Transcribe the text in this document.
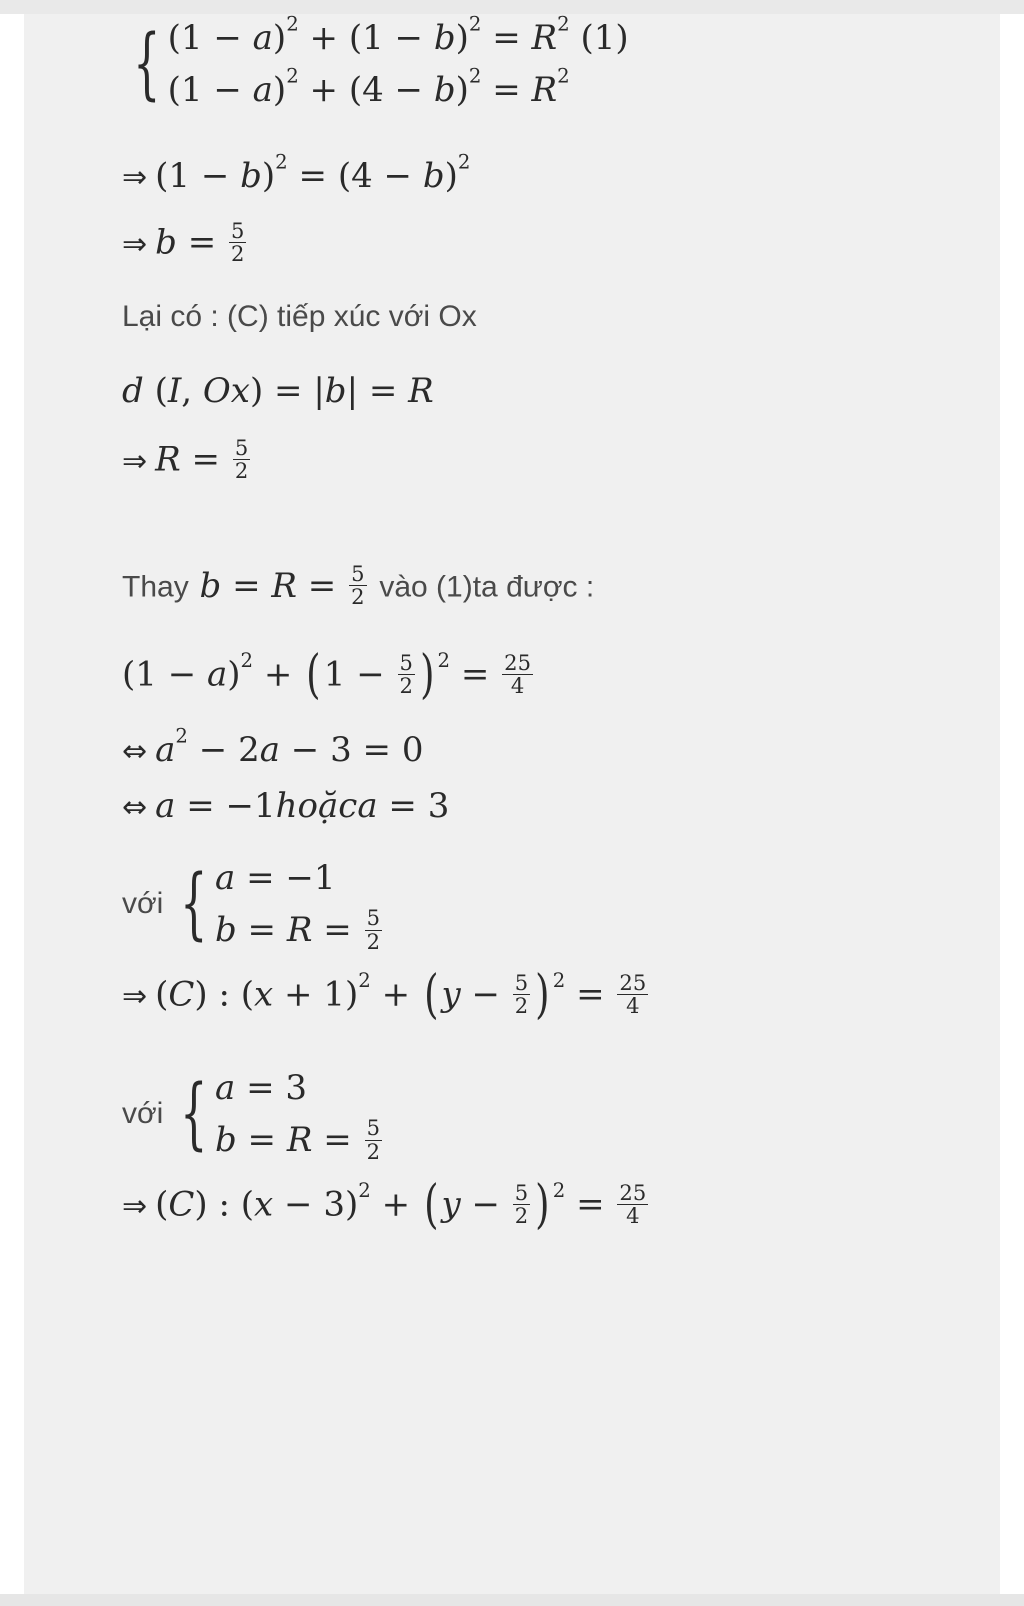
{ $(1 - a)^2 + (1 - b)^2 = R^2$ (1)
$(1 - a)^2 + (4 - b)^2 = R^2$
⇒ $(1 - b)^2 = (4 - b)^2$
⇒ $b = \frac{5}{2}$
Lại có : (C) tiếp xúc với Ox
d (I, Ox) = |b| = R
⇒ $R = \frac{5}{2}$
Thay $b = R = \frac{5}{2}$ vào (1)ta được :
$(1 - a)^2 + (1 - \frac{5}{2}$ ) $^2 = \frac{25}{4}$
⇔ $a^2 - 2a - 3 = 0$
⇔ a = −1hoặca = 3
với { a = −1
$b = R = \frac{5}{2}$
⇒ (C) : $(x + 1)^2 + (y - \frac{5}{2}$ ) $^2 = \frac{25}{4}$
với { a = 3
$b = R = \frac{5}{2}$
⇒ (C) : $(x - 3)^2 + (y - \frac{5}{2}$ ) $^2 = \frac{25}{4}$
